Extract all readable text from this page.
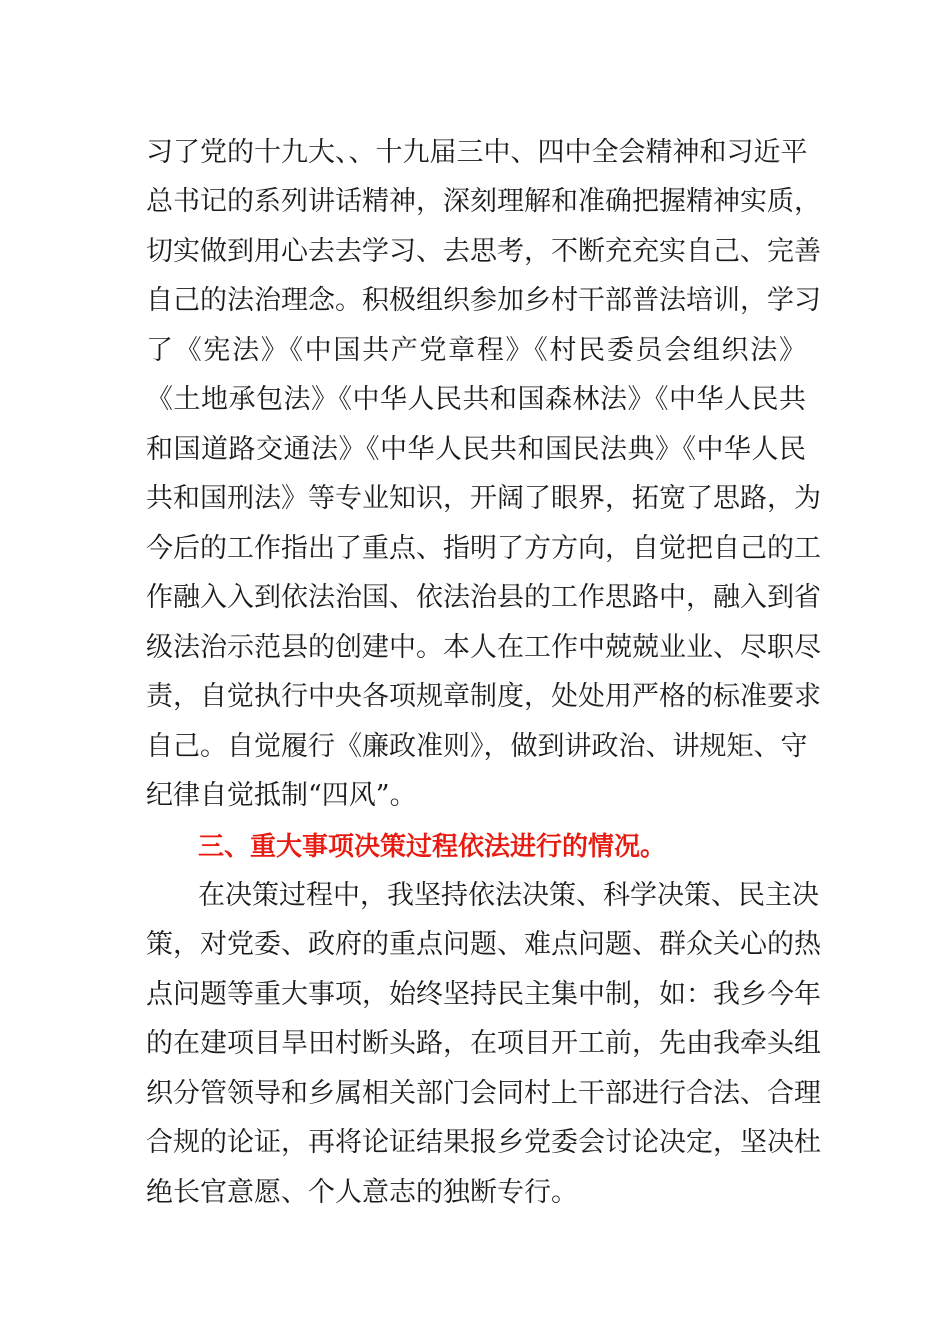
习了党的十九大、、十九届三中、四中全会精神和习近平
总书记的系列讲话精神，深刻理解和准确把握精神实质，
切实做到用心去去学习、去思考，不断充充实自己、完善
自己的法治理念。积极组织参加乡村干部普法培训，学习
了《宪法》《中国共产党章程》《村民委员会组织法》
《土地承包法》《中华人民共和国森林法》《中华人民共
和国道路交通法》《中华人民共和国民法典》《中华人民
共和国刑法》等专业知识，开阔了眼界，拓宽了思路，为
今后的工作指出了重点、指明了方方向，自觉把自己的工
作融入入到依法治国、依法治县的工作思路中，融入到省
级法治示范县的创建中。本人在工作中兢兢业业、尽职尽
责，自觉执行中央各项规章制度，处处用严格的标准要求
自己。自觉履行《廉政准则》，做到讲政治、讲规矩、守
纪律自觉抵制“四风”。
三、重大事项决策过程依法进行的情况。
在决策过程中，我坚持依法决策、科学决策、民主决
策，对党委、政府的重点问题、难点问题、群众关心的热
点问题等重大事项，始终坚持民主集中制，如：我乡今年
的在建项目旱田村断头路，在项目开工前，先由我牵头组
织分管领导和乡属相关部门会同村上干部进行合法、合理
合规的论证，再将论证结果报乡党委会讨论决定，坚决杜
绝长官意愿、个人意志的独断专行。
